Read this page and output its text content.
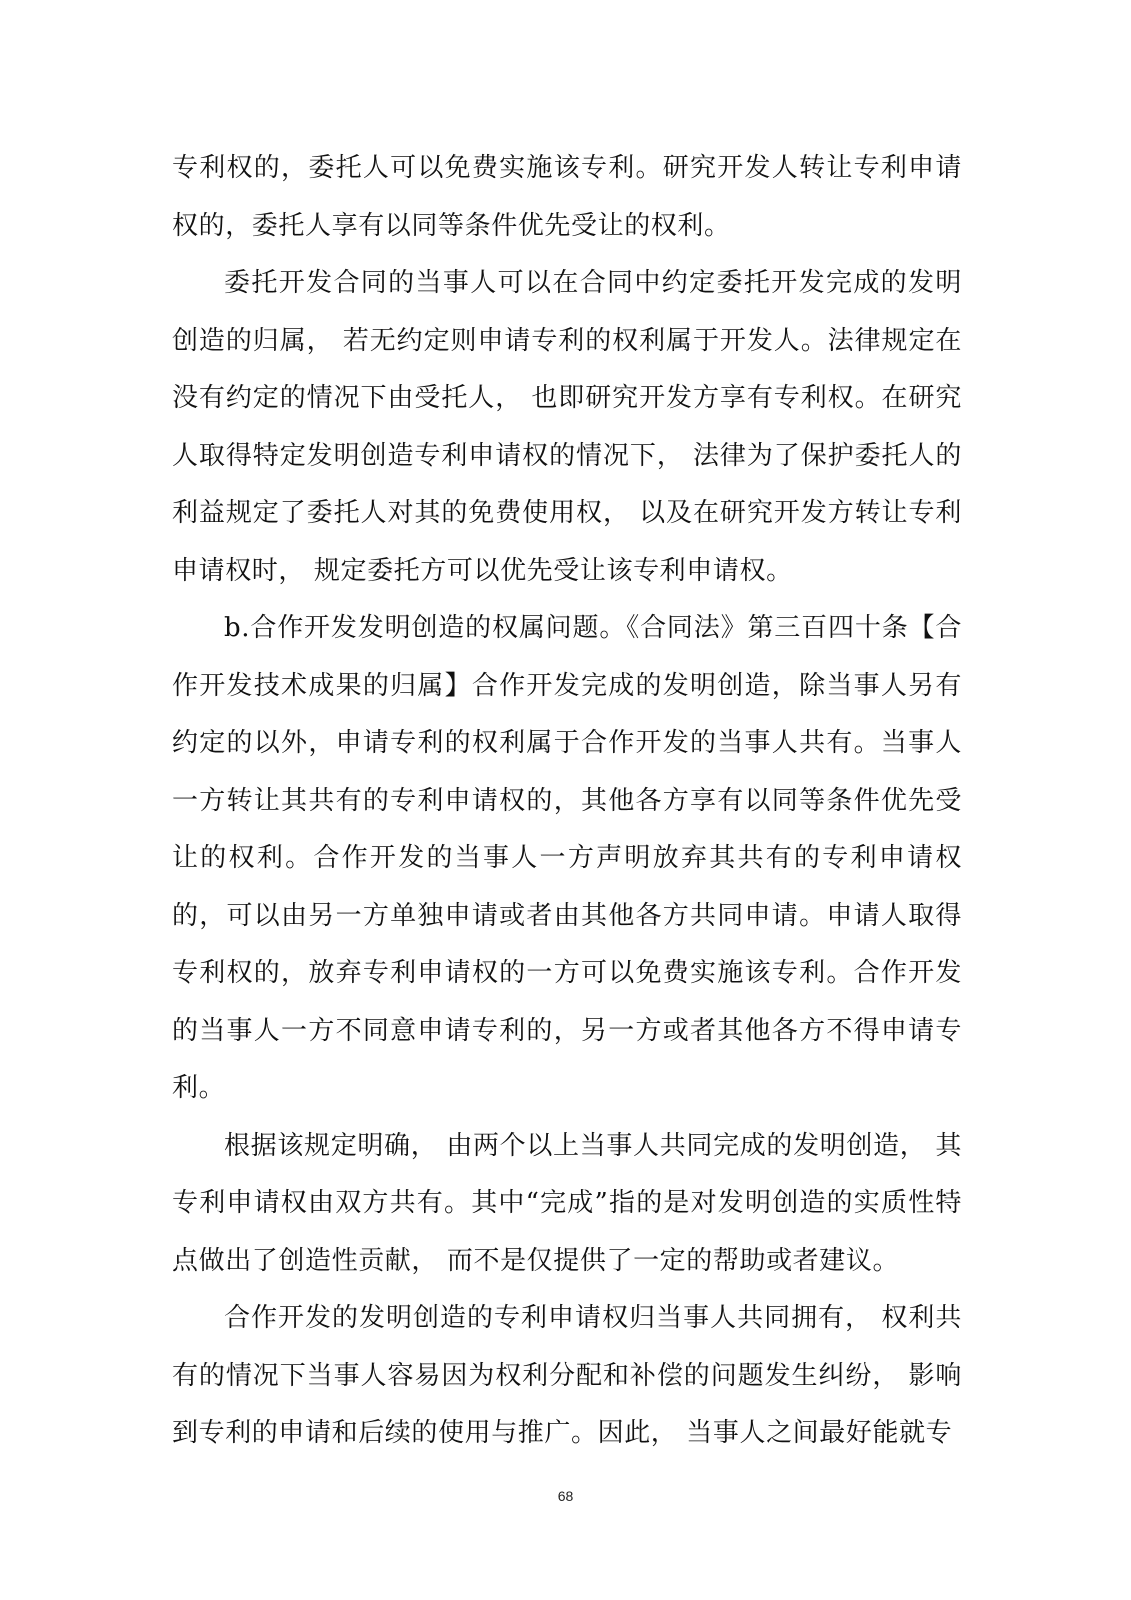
专利权的，委托人可以免费实施该专利。研究开发人转让专利申请权的，委托人享有以同等条件优先受让的权利。

委托开发合同的当事人可以在合同中约定委托开发完成的发明创造的归属， 若无约定则申请专利的权利属于开发人。法律规定在没有约定的情况下由受托人， 也即研究开发方享有专利权。在研究人取得特定发明创造专利申请权的情况下， 法律为了保护委托人的利益规定了委托人对其的免费使用权， 以及在研究开发方转让专利申请权时， 规定委托方可以优先受让该专利申请权。

b.合作开发发明创造的权属问题。《合同法》第三百四十条【合作开发技术成果的归属】合作开发完成的发明创造，除当事人另有约定的以外，申请专利的权利属于合作开发的当事人共有。当事人一方转让其共有的专利申请权的，其他各方享有以同等条件优先受让的权利。合作开发的当事人一方声明放弃其共有的专利申请权的，可以由另一方单独申请或者由其他各方共同申请。申请人取得专利权的，放弃专利申请权的一方可以免费实施该专利。合作开发的当事人一方不同意申请专利的，另一方或者其他各方不得申请专利。

根据该规定明确， 由两个以上当事人共同完成的发明创造， 其专利申请权由双方共有。其中“完成”指的是对发明创造的实质性特点做出了创造性贡献， 而不是仅提供了一定的帮助或者建议。

合作开发的发明创造的专利申请权归当事人共同拥有， 权利共有的情况下当事人容易因为权利分配和补偿的问题发生纠纷， 影响到专利的申请和后续的使用与推广。因此， 当事人之间最好能就专

68
